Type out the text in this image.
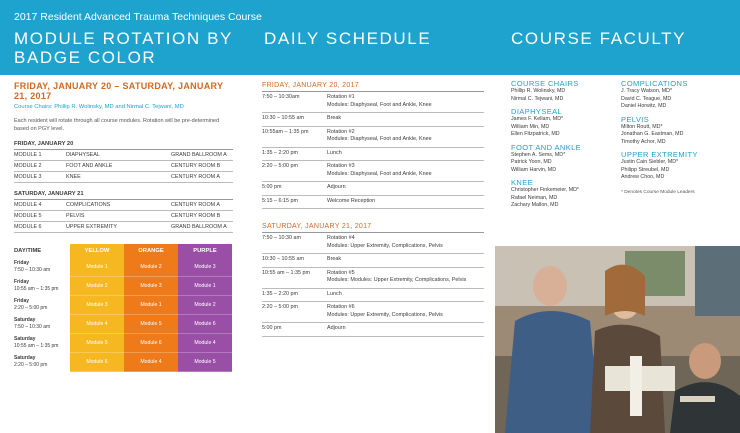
2017 Resident Advanced Trauma Techniques Course
MODULE ROTATION BY BADGE COLOR
DAILY SCHEDULE	COURSE FACULTY
FRIDAY, JANUARY 20 – SATURDAY, JANUARY 21, 2017
Course Chairs: Phillip R. Wolinsky, MD and Nirmal C. Tejwani, MD
Each resident will rotate through all course modules. Rotation will be pre-determined based on PGY level.
FRIDAY, JANUARY 20
MODULE 1	DIAPHYSEAL	GRAND BALLROOM A
MODULE 2	FOOT AND ANKLE	CENTURY ROOM B
MODULE 3	KNEE	CENTURY ROOM A
SATURDAY, JANUARY 21
MODULE 4	COMPLICATIONS	CENTURY ROOM A
MODULE 5	PELVIS	CENTURY ROOM B
MODULE 6	UPPER EXTREMITY	GRAND BALLROOM A
DAY/TIME	YELLOW	ORANGE	PURPLE
Friday
7:50 – 10:30 am	Module 1	Module 2	Module 3
Friday
10:55 am – 1:35 pm	Module 2	Module 3	Module 1
Friday
2:20 – 5:00 pm	Module 3	Module 1	Module 2
Saturday
7:50 – 10:30 am	Module 4	Module 5	Module 6
Saturday
10:55 am – 1:35 pm	Module 5	Module 6	Module 4
Saturday
2:20 – 5:00 pm	Module 6	Module 4	Module 5
FRIDAY, JANUARY 20, 2017
7:50 – 10:30am	Rotation #1
Modules: Diaphyseal, Foot and Ankle, Knee
10:30 – 10:55 am	Break
10:55am – 1:35 pm	Rotation #2
Modules: Diaphyseal, Foot and Ankle, Knee
1:35 – 2:20 pm	Lunch
2:20 – 5:00 pm	Rotation #3
Modules: Diaphyseal, Foot and Ankle, Knee
5:00 pm	Adjourn
5:15 – 6:15 pm	Welcome Reception
SATURDAY, JANUARY 21, 2017
7:50 – 10:30 am	Rotation #4
Modules: Upper Extremity, Complications, Pelvis
10:30 – 10:55 am	Break
10:55 am – 1:35 pm	Rotation #5
Modules: Modules: Upper Extremity, Complications, Pelvis
1:35 – 2:20 pm	Lunch
2:20 – 5:00 pm	Rotation #6
Modules: Upper Extremity, Complications, Pelvis
5:00 pm	Adjourn
COURSE CHAIRS
Phillip R. Wolinsky, MD
Nirmal C. Tejwani, MD
DIAPHYSEAL
James F. Kellam, MD*
William Min, MD
Ellen Fitzpatrick, MD
FOOT AND ANKLE
Stephen A. Sems, MD*
Patrick Yoon, MD
William Harvin, MD
KNEE
Christopher Finkemeier, MD*
Rafael Neiman, MD
Zachary Mallon, MD
COMPLICATIONS
J. Tracy Watson, MD*
David C. Teague, MD
Daniel Horwitz, MD
PELVIS
Milton Routt, MD*
Jonathan G. Eastman, MD
Timothy Achor, MD
UPPER EXTREMITY
Justin Cain Siebler, MD*
Philipp Streubel, MD
Andrew Choo, MD
* Denotes Course Module Leaders
